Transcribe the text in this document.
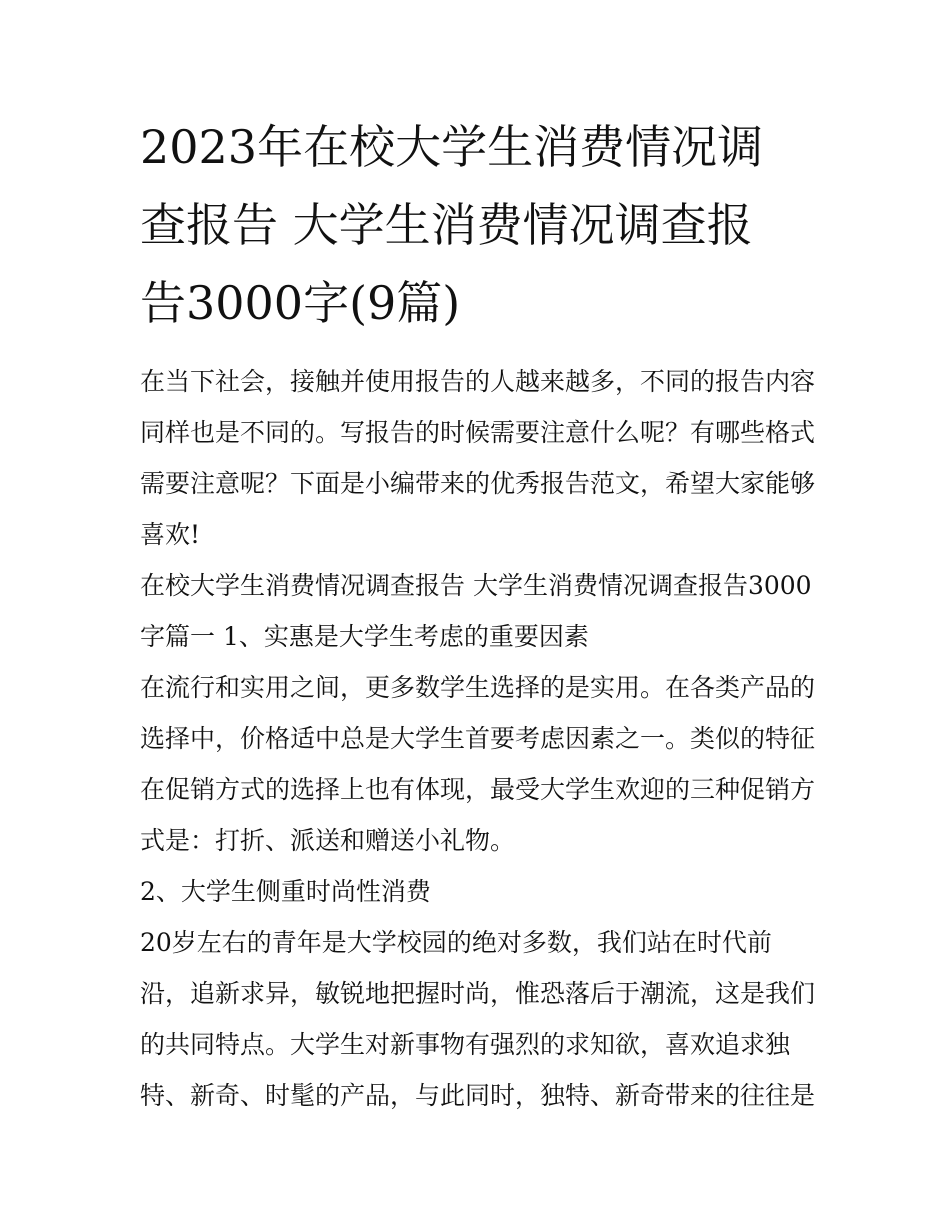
2023年在校大学生消费情况调
查报告 大学生消费情况调查报
告3000字(9篇)

在当下社会，接触并使用报告的人越来越多，不同的报告内容同样也是不同的。写报告的时候需要注意什么呢？有哪些格式需要注意呢？下面是小编带来的优秀报告范文，希望大家能够喜欢!

在校大学生消费情况调查报告 大学生消费情况调查报告3000字篇一 1、实惠是大学生考虑的重要因素

在流行和实用之间，更多数学生选择的是实用。在各类产品的选择中，价格适中总是大学生首要考虑因素之一。类似的特征在促销方式的选择上也有体现，最受大学生欢迎的三种促销方式是：打折、派送和赠送小礼物。

2、大学生侧重时尚性消费

20岁左右的青年是大学校园的绝对多数，我们站在时代前沿，追新求异，敏锐地把握时尚，惟恐落后于潮流，这是我们的共同特点。大学生对新事物有强烈的求知欲，喜欢追求独特、新奇、时髦的产品，与此同时，独特、新奇带来的往往是
